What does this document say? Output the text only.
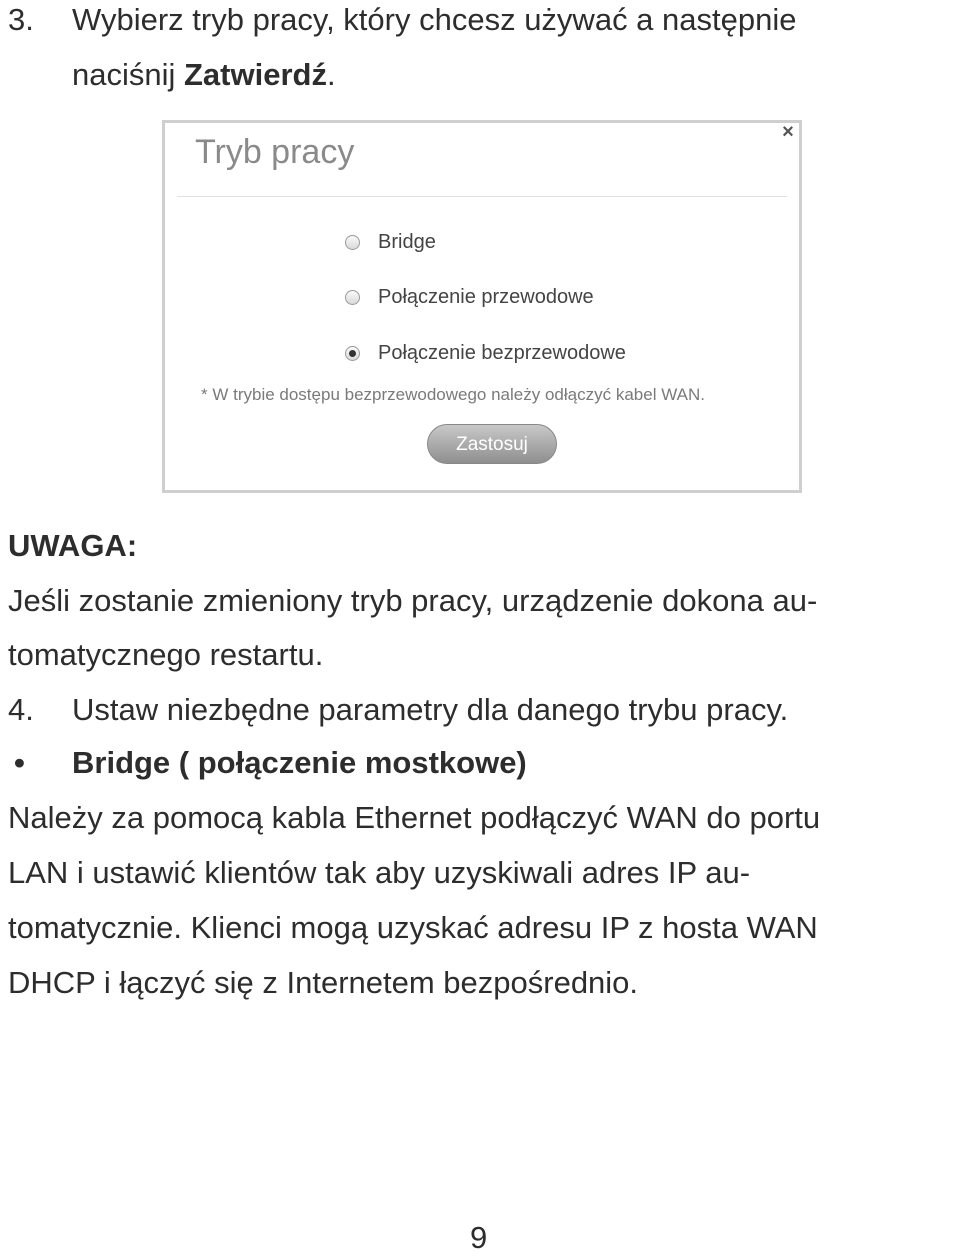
3. Wybierz tryb pracy, który chcesz używać a następnie

naciśnij Zatwierdź.

Tryb pracy
×
Bridge
Połączenie przewodowe
Połączenie bezprzewodowe
* W trybie dostępu bezprzewodowego należy odłączyć kabel WAN.
Zastosuj
UWAGA:
Jeśli zostanie zmieniony tryb pracy, urządzenie dokona au-
tomatycznego restartu.

4. Ustaw niezbędne parametry dla danego trybu pracy.

• Bridge ( połączenie mostkowe)
Należy za pomocą kabla Ethernet podłączyć WAN do portu
LAN i ustawić klientów tak aby uzyskiwali adres IP au-
tomatycznie. Klienci mogą uzyskać adresu IP z hosta WAN
DHCP i łączyć się z Internetem bezpośrednio.
9
